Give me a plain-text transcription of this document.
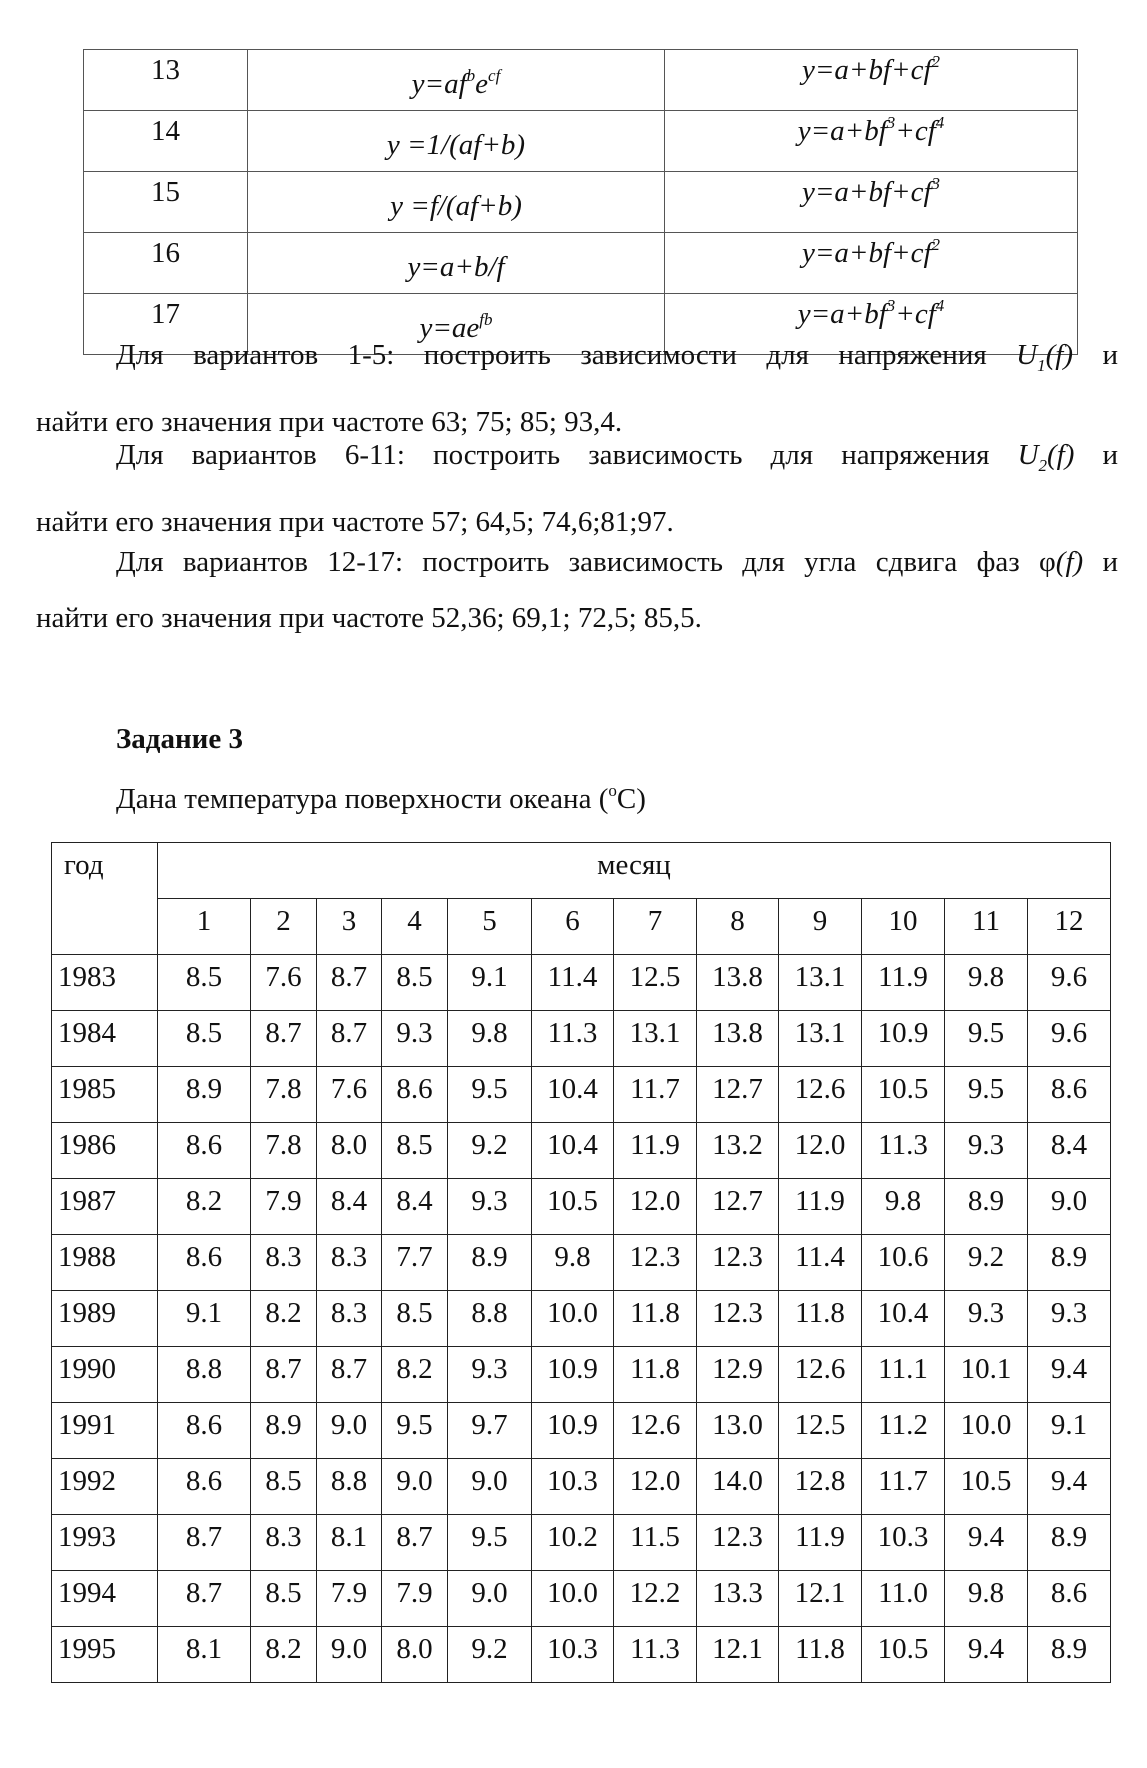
13	$y=af^be^{cf}$	$y=a+bf+cf^2$
14	y =1/(af+b)	$y=a+bf^3+cf^4$
15	y =f/(af+b)	$y=a+bf+cf^3$
16	y=a+b/f	$y=a+bf+cf^2$
17	$y=ae^{fb}$	$y=a+bf^3+cf^4$
Для вариантов 1-5: построить зависимости для напряжения $U_1(f)$ и
найти его значения при частоте 63; 75; 85; 93,4.
Для вариантов 6-11: построить зависимость для напряжения $U_2(f)$ и
найти его значения при частоте 57; 64,5; 74,6;81;97.
Для вариантов 12-17: построить зависимость для угла сдвига фаз φ(f) и
найти его значения при частоте 52,36; 69,1; 72,5; 85,5.
Задание 3
Дана температура поверхности океана ($^o$C)
год	месяц											
	1	2	3	4	5	6	7	8	9	10	11	12
1983	8.5	7.6	8.7	8.5	9.1	11.4	12.5	13.8	13.1	11.9	9.8	9.6
1984	8.5	8.7	8.7	9.3	9.8	11.3	13.1	13.8	13.1	10.9	9.5	9.6
1985	8.9	7.8	7.6	8.6	9.5	10.4	11.7	12.7	12.6	10.5	9.5	8.6
1986	8.6	7.8	8.0	8.5	9.2	10.4	11.9	13.2	12.0	11.3	9.3	8.4
1987	8.2	7.9	8.4	8.4	9.3	10.5	12.0	12.7	11.9	9.8	8.9	9.0
1988	8.6	8.3	8.3	7.7	8.9	9.8	12.3	12.3	11.4	10.6	9.2	8.9
1989	9.1	8.2	8.3	8.5	8.8	10.0	11.8	12.3	11.8	10.4	9.3	9.3
1990	8.8	8.7	8.7	8.2	9.3	10.9	11.8	12.9	12.6	11.1	10.1	9.4
1991	8.6	8.9	9.0	9.5	9.7	10.9	12.6	13.0	12.5	11.2	10.0	9.1
1992	8.6	8.5	8.8	9.0	9.0	10.3	12.0	14.0	12.8	11.7	10.5	9.4
1993	8.7	8.3	8.1	8.7	9.5	10.2	11.5	12.3	11.9	10.3	9.4	8.9
1994	8.7	8.5	7.9	7.9	9.0	10.0	12.2	13.3	12.1	11.0	9.8	8.6
1995	8.1	8.2	9.0	8.0	9.2	10.3	11.3	12.1	11.8	10.5	9.4	8.9
